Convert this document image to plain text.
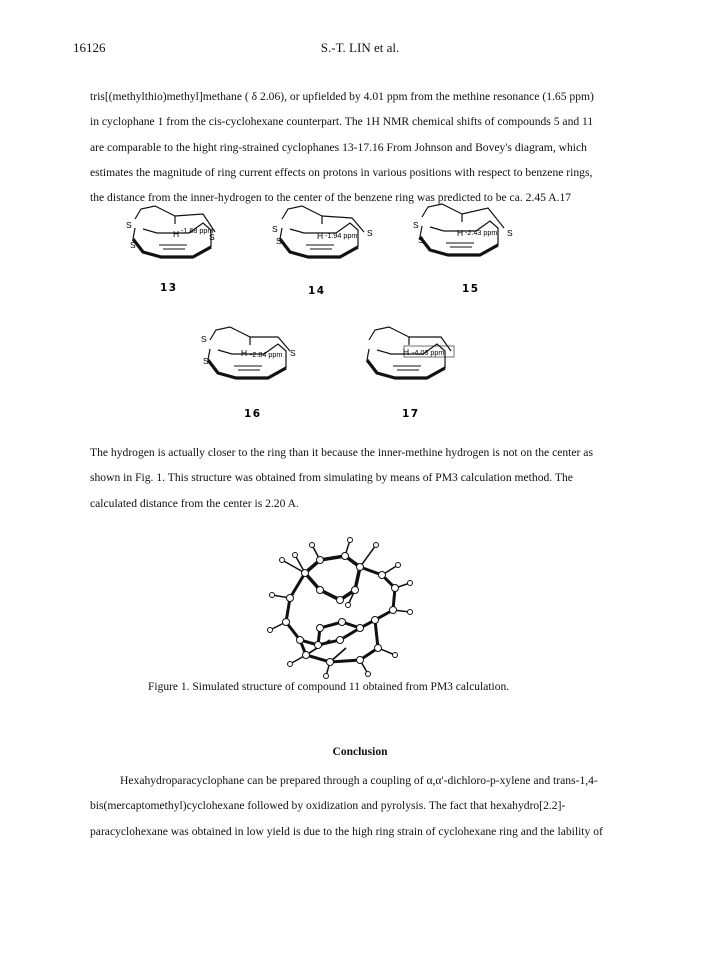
16126	S.-T. LIN et al.
tris[(methylthio)methyl]methane ( δ 2.06), or upfielded by 4.01 ppm from the methine resonance (1.65 ppm)
in cyclophane 1 from the cis-cyclohexane counterpart. The 1H NMR chemical shifts of compounds 5 and 11
are comparable to the hight ring-strained cyclophanes 13-17.16 From Johnson and Bovey's diagram, which
estimates the magnitude of ring current effects on protons in various positions with respect to benzene rings,
the distance from the inner-hydrogen to the center of the benzene ring was predicted to be ca. 2.45 A.17
S
S
S
H -1.68 ppm
13
S
S
S
H -1.94 ppm
14
S
S
S
H -2.43 ppm
15
S
S
S
H -2.84 ppm
16
H -4.03 ppm
17
The hydrogen is actually closer to the ring than it because the inner-methine hydrogen is not on the center as
shown in Fig. 1. This structure was obtained from simulating by means of PM3 calculation method. The
calculated distance from the center is 2.20 A.
Figure 1. Simulated structure of compound 11 obtained from PM3 calculation.
Conclusion
Hexahydroparacyclophane can be prepared through a coupling of α,α'-dichloro-p-xylene and trans-1,4-
bis(mercaptomethyl)cyclohexane followed by oxidization and pyrolysis. The fact that hexahydro[2.2]-
paracyclohexane was obtained in low yield is due to the high ring strain of cyclohexane ring and the lability of
